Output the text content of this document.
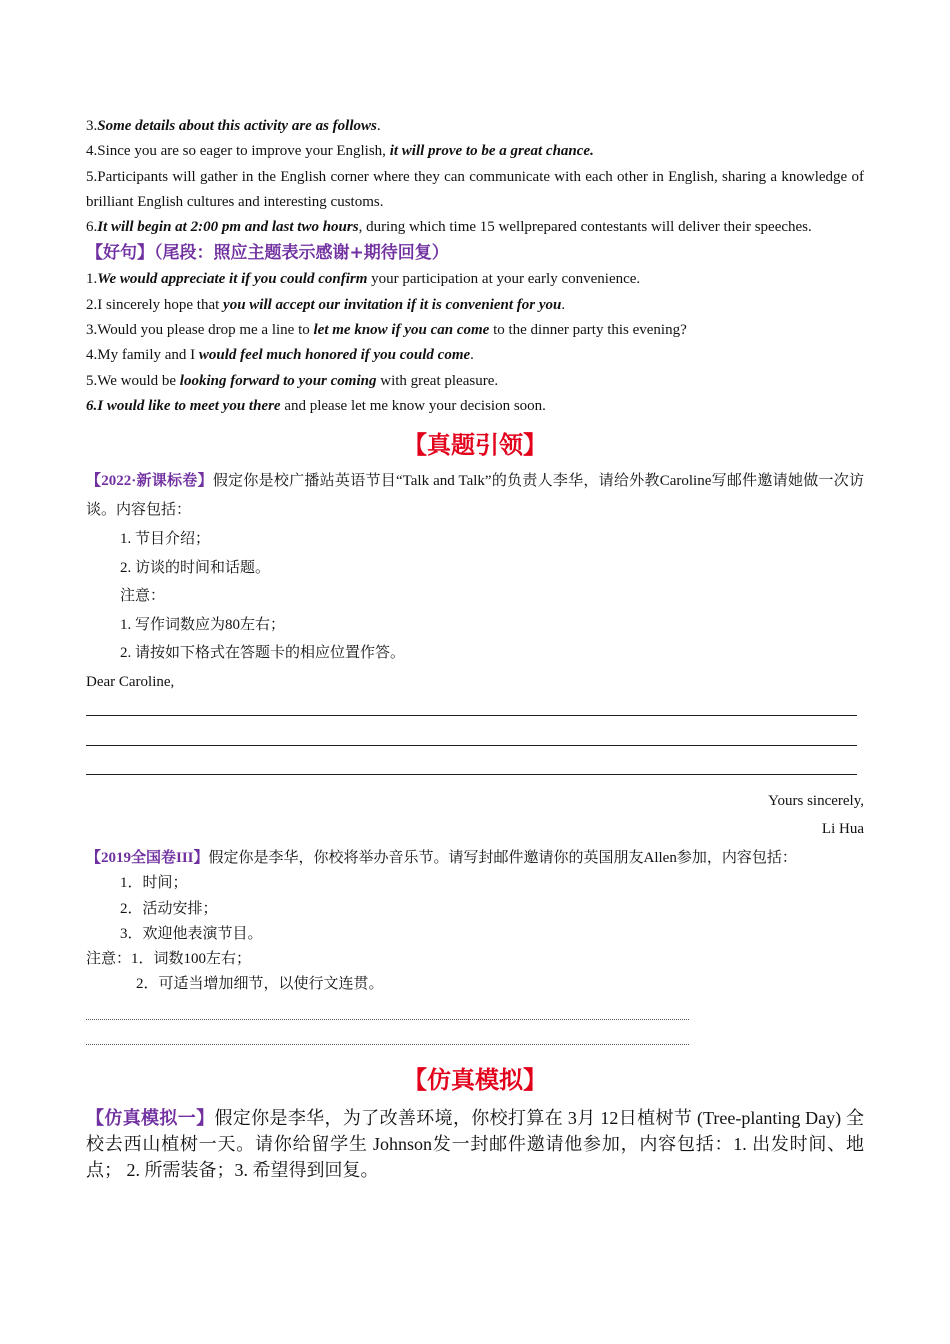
3.Some details about this activity are as follows.

4.Since you are so eager to improve your English, it will prove to be a great chance.

5.Participants will gather in the English corner where they can communicate with each other in English, sharing a knowledge of brilliant English cultures and interesting customs.

6.It will begin at 2:00 pm and last two hours, during which time 15 wellprepared contestants will deliver their speeches.

【好句】（尾段：照应主题表示感谢+期待回复）

1.We would appreciate it if you could confirm your participation at your early convenience.

2.I sincerely hope that you will accept our invitation if it is convenient for you.

3.Would you please drop me a line to let me know if you can come to the dinner party this evening?

4.My family and I would feel much honored if you could come.

5.We would be looking forward to your coming with great pleasure.

6.I would like to meet you there and please let me know your decision soon.

【真题引领】

【2022·新课标卷】假定你是校广播站英语节目“Talk and Talk”的负责人李华，请给外教Caroline写邮件邀请她做一次访谈。内容包括：

1. 节目介绍；

2. 访谈的时间和话题。

注意：

1. 写作词数应为80左右；

2. 请按如下格式在答题卡的相应位置作答。

Dear Caroline,

Yours sincerely,

Li Hua

【2019全国卷III】假定你是李华，你校将举办音乐节。请写封邮件邀请你的英国朋友Allen参加，内容包括：

1．时间；

2．活动安排；

3．欢迎他表演节目。

注意：1．词数100左右；

2．可适当增加细节，以使行文连贯。

【仿真模拟】

【仿真模拟一】假定你是李华，为了改善环境，你校打算在 3月 12日植树节 (Tree-planting Day) 全校去西山植树一天。请你给留学生 Johnson发一封邮件邀请他参加，内容包括：1. 出发时间、地点； 2. 所需装备；3. 希望得到回复。
